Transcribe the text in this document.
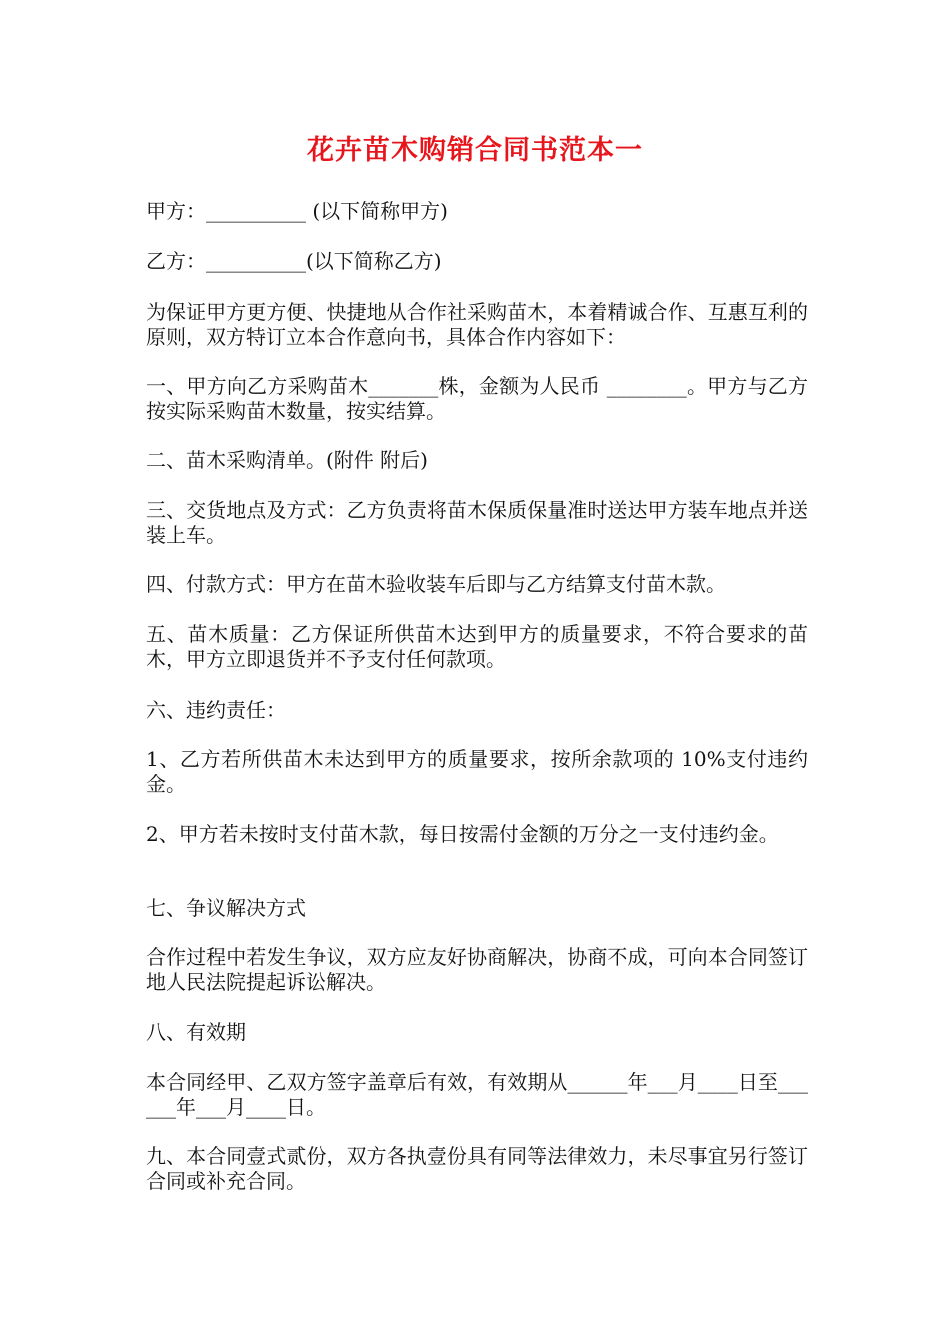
花卉苗木购销合同书范本一
甲方：__________ (以下简称甲方)
乙方：__________(以下简称乙方)
为保证甲方更方便、快捷地从合作社采购苗木，本着精诚合作、互惠互利的原则，双方特订立本合作意向书，具体合作内容如下：
一、甲方向乙方采购苗木_______株，金额为人民币 ________。甲方与乙方按实际采购苗木数量，按实结算。
二、苗木采购清单。(附件 附后)
三、交货地点及方式：乙方负责将苗木保质保量准时送达甲方装车地点并送装上车。
四、付款方式：甲方在苗木验收装车后即与乙方结算支付苗木款。
五、苗木质量：乙方保证所供苗木达到甲方的质量要求，不符合要求的苗木，甲方立即退货并不予支付任何款项。
六、违约责任：
1、乙方若所供苗木未达到甲方的质量要求，按所余款项的 10%支付违约金。
2、甲方若未按时支付苗木款，每日按需付金额的万分之一支付违约金。
七、争议解决方式
合作过程中若发生争议，双方应友好协商解决，协商不成，可向本合同签订地人民法院提起诉讼解决。
八、有效期
本合同经甲、乙双方签字盖章后有效，有效期从______年___月____日至______年___月____日。
九、本合同壹式贰份，双方各执壹份具有同等法律效力，未尽事宜另行签订合同或补充合同。
